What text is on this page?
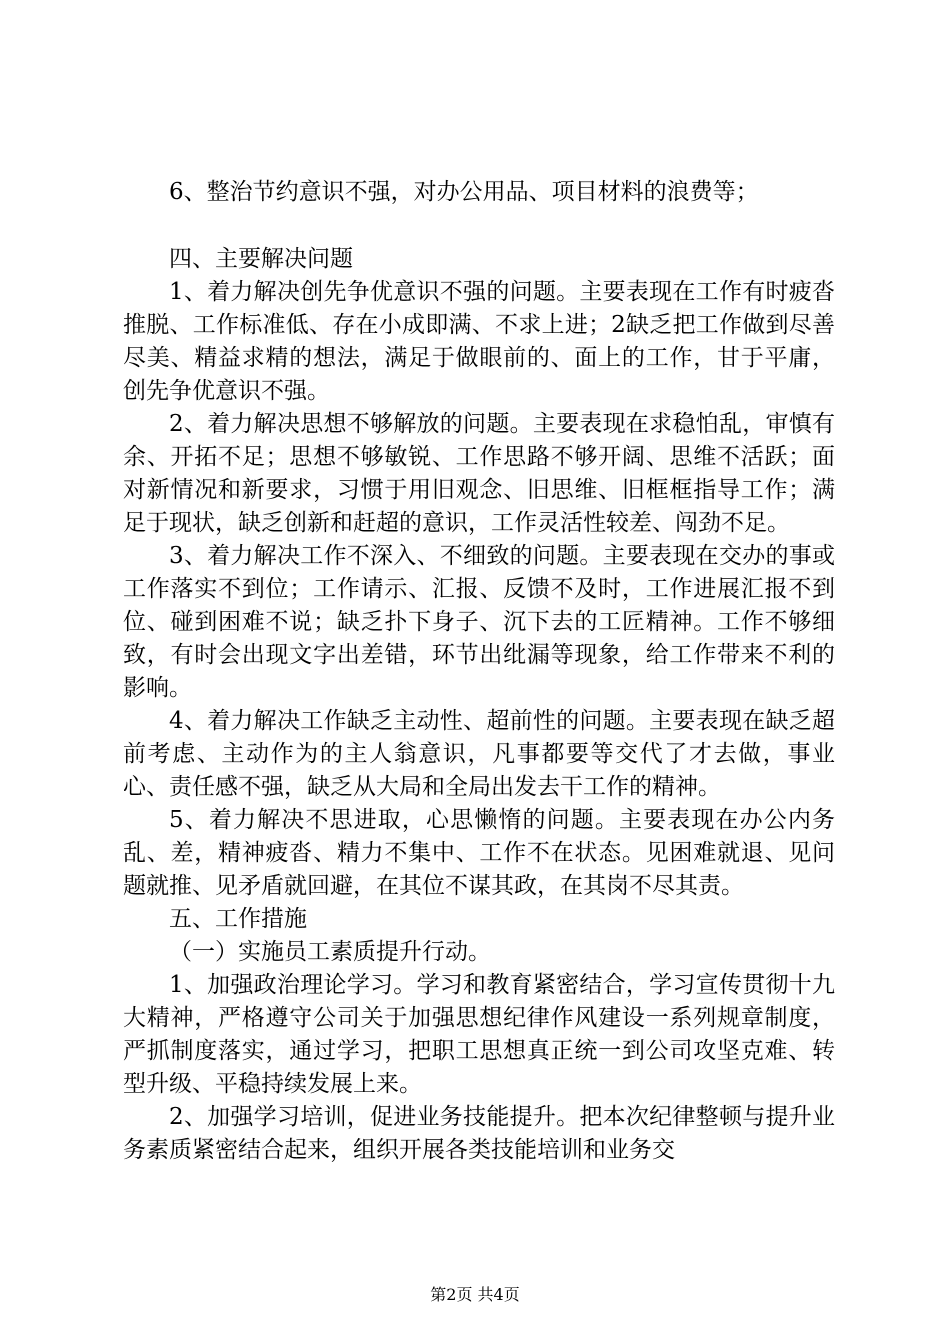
6、整治节约意识不强，对办公用品、项目材料的浪费等；

四、主要解决问题

1、着力解决创先争优意识不强的问题。主要表现在工作有时疲沓推脱、工作标准低、存在小成即满、不求上进；2缺乏把工作做到尽善尽美、精益求精的想法，满足于做眼前的、面上的工作，甘于平庸，创先争优意识不强。

2、着力解决思想不够解放的问题。主要表现在求稳怕乱，审慎有余、开拓不足；思想不够敏锐、工作思路不够开阔、思维不活跃；面对新情况和新要求，习惯于用旧观念、旧思维、旧框框指导工作；满足于现状，缺乏创新和赶超的意识，工作灵活性较差、闯劲不足。

3、着力解决工作不深入、不细致的问题。主要表现在交办的事或工作落实不到位；工作请示、汇报、反馈不及时，工作进展汇报不到位、碰到困难不说；缺乏扑下身子、沉下去的工匠精神。工作不够细致，有时会出现文字出差错，环节出纰漏等现象，给工作带来不利的影响。

4、着力解决工作缺乏主动性、超前性的问题。主要表现在缺乏超前考虑、主动作为的主人翁意识，凡事都要等交代了才去做，事业心、责任感不强，缺乏从大局和全局出发去干工作的精神。

5、着力解决不思进取，心思懒惰的问题。主要表现在办公内务乱、差，精神疲沓、精力不集中、工作不在状态。见困难就退、见问题就推、见矛盾就回避，在其位不谋其政，在其岗不尽其责。

五、工作措施

（一）实施员工素质提升行动。

1、加强政治理论学习。学习和教育紧密结合，学习宣传贯彻十九大精神，严格遵守公司关于加强思想纪律作风建设一系列规章制度，严抓制度落实，通过学习，把职工思想真正统一到公司攻坚克难、转型升级、平稳持续发展上来。

2、加强学习培训，促进业务技能提升。把本次纪律整顿与提升业务素质紧密结合起来，组织开展各类技能培训和业务交

第2页 共4页
